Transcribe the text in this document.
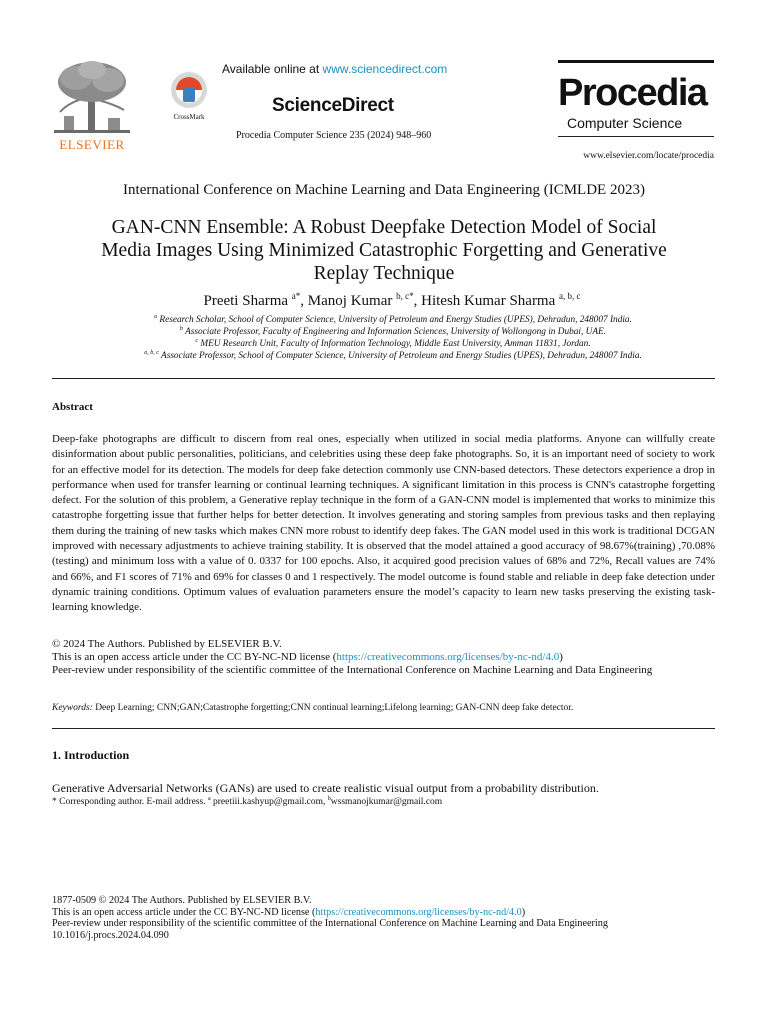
ELSEVIER
CrossMark
Available online at www.sciencedirect.com
ScienceDirect
Procedia Computer Science 235 (2024) 948–960
Procedia
Computer Science
www.elsevier.com/locate/procedia
International Conference on Machine Learning and Data Engineering (ICMLDE 2023)
GAN-CNN Ensemble: A Robust Deepfake Detection Model of Social
Media Images Using Minimized Catastrophic Forgetting and Generative
Replay Technique
Preeti Sharma $^{a*}$, Manoj Kumar $^{b, c*}$, Hitesh Kumar Sharma $^{a, b, c}$
$^a$ Research Scholar, School of Computer Science, University of Petroleum and Energy Studies (UPES), Dehradun, 248007 India.
$^b$ Associate Professor, Faculty of Engineering and Information Sciences, University of Wollongong in Dubai, UAE.
$^c$ MEU Research Unit, Faculty of Information Technology, Middle East University, Amman 11831, Jordan.
$^{a, b, c}$ Associate Professor, School of Computer Science, University of Petroleum and Energy Studies (UPES), Dehradun, 248007 India.
Abstract
Deep-fake photographs are difficult to discern from real ones, especially when utilized in social media platforms. Anyone can willfully create disinformation about public personalities, politicians, and celebrities using these deep fake photographs. So, it is an important need of society to work for an effective model for its detection. The models for deep fake detection commonly use CNN-based detectors. These detectors experience a drop in performance when used for transfer learning or continual learning techniques. A significant limitation in this process is CNN's catastrophe forgetting defect. For the solution of this problem, a Generative replay technique in the form of a GAN-CNN model is implemented that works to minimize this catastrophe forgetting issue that further helps for better detection. It involves generating and storing samples from previous tasks and then replaying them during the training of new tasks which makes CNN more robust to identify deep fakes. The GAN model used in this work is traditional DCGAN improved with necessary adjustments to achieve training stability. It is observed that the model attained a good accuracy of 98.67%(training) ,70.08% (testing) and minimum loss with a value of 0. 0337 for 100 epochs. Also, it acquired good precision values of 68% and 72%, Recall values are 74% and 66%, and F1 scores of 71% and 69% for classes 0 and 1 respectively. The model outcome is found stable and reliable in deep fake detection under dynamic training conditions. Optimum values of evaluation parameters ensure the model’s capacity to learn new tasks preserving the existing task-learning knowledge.
© 2024 The Authors. Published by ELSEVIER B.V.
This is an open access article under the CC BY-NC-ND license (https://creativecommons.org/licenses/by-nc-nd/4.0)
Peer-review under responsibility of the scientific committee of the International Conference on Machine Learning and Data Engineering
Keywords: Deep Learning; CNN;GAN;Catastrophe forgetting;CNN continual learning;Lifelong learning; GAN-CNN deep fake detector.
1. Introduction
Generative Adversarial Networks (GANs) are used to create realistic visual output from a probability distribution.
* Corresponding author. E-mail address. $^a$ preetiii.kashyup@gmail.com, $^b$wssmanojkumar@gmail.com
1877-0509 © 2024 The Authors. Published by ELSEVIER B.V.
This is an open access article under the CC BY-NC-ND license (https://creativecommons.org/licenses/by-nc-nd/4.0)
Peer-review under responsibility of the scientific committee of the International Conference on Machine Learning and Data Engineering
10.1016/j.procs.2024.04.090
